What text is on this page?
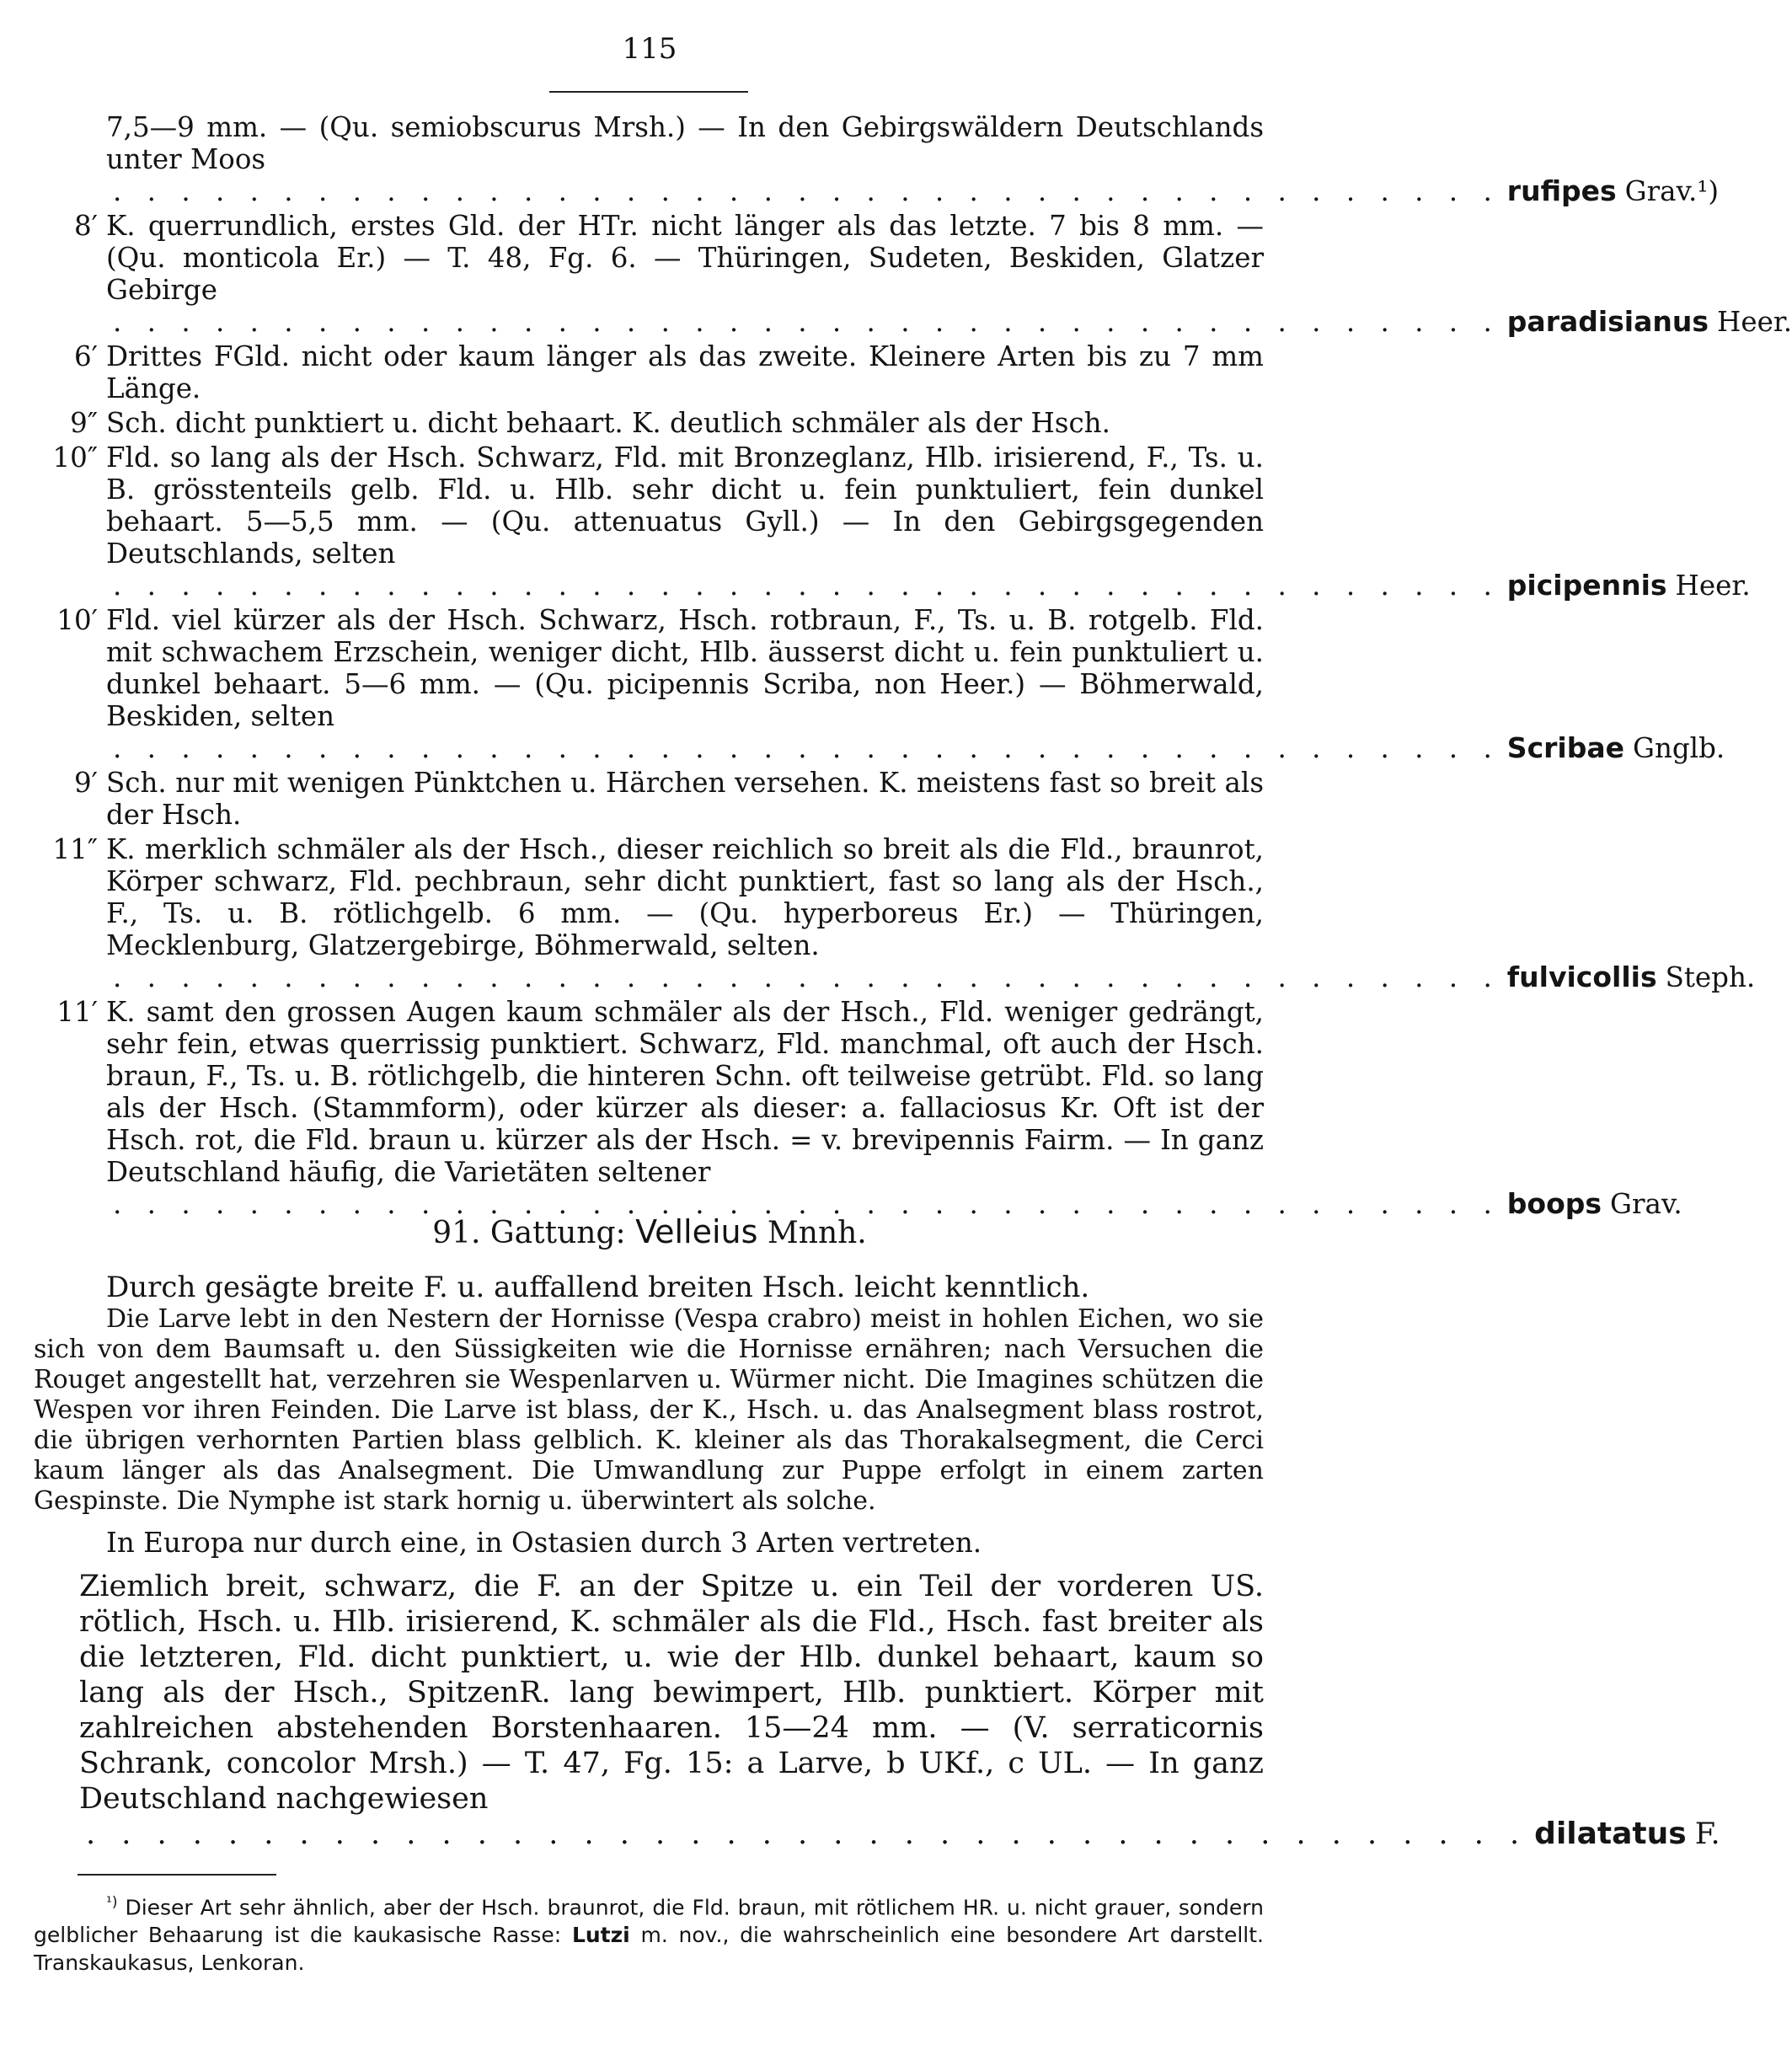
115
7,5—9 mm. — (Qu. semiobscurus Mrsh.) — In den Gebirgswäldern Deutschlands unter Moos
. . . . . . . . . . . . . . . . . . . . . . . . . . . . . . . . . . . . . . . . . rufipes Grav.¹)
8′ K. querrundlich, erstes Gld. der HTr. nicht länger als das letzte. 7 bis 8 mm. — (Qu. monticola Er.) — T. 48, Fg. 6. — Thüringen, Sudeten, Beskiden, Glatzer Gebirge
. . . . . . . . . . . . . . . . . . . . . . . . . . . . . . . . . . . . . . . . . paradisianus Heer.
6′ Drittes FGld. nicht oder kaum länger als das zweite. Kleinere Arten bis zu 7 mm Länge.
9″ Sch. dicht punktiert u. dicht behaart. K. deutlich schmäler als der Hsch.
10″ Fld. so lang als der Hsch. Schwarz, Fld. mit Bronzeglanz, Hlb. irisierend, F., Ts. u. B. grösstenteils gelb. Fld. u. Hlb. sehr dicht u. fein punktuliert, fein dunkel behaart. 5—5,5 mm. — (Qu. attenuatus Gyll.) — In den Gebirgsgegenden Deutschlands, selten
. . . . . . . . . . . . . . . . . . . . . . . . . . . . . . . . . . . . . . . . . picipennis Heer.
10′ Fld. viel kürzer als der Hsch. Schwarz, Hsch. rotbraun, F., Ts. u. B. rotgelb. Fld. mit schwachem Erzschein, weniger dicht, Hlb. äusserst dicht u. fein punktuliert u. dunkel behaart. 5—6 mm. — (Qu. picipennis Scriba, non Heer.) — Böhmerwald, Beskiden, selten
. . . . . . . . . . . . . . . . . . . . . . . . . . . . . . . . . . . . . . . . . Scribae Gnglb.
9′ Sch. nur mit wenigen Pünktchen u. Härchen versehen. K. meistens fast so breit als der Hsch.
11″ K. merklich schmäler als der Hsch., dieser reichlich so breit als die Fld., braunrot, Körper schwarz, Fld. pechbraun, sehr dicht punktiert, fast so lang als der Hsch., F., Ts. u. B. rötlichgelb. 6 mm. — (Qu. hyperboreus Er.) — Thüringen, Mecklenburg, Glatzergebirge, Böhmerwald, selten.
. . . . . . . . . . . . . . . . . . . . . . . . . . . . . . . . . . . . . . . . . fulvicollis Steph.
11′ K. samt den grossen Augen kaum schmäler als der Hsch., Fld. weniger gedrängt, sehr fein, etwas querrissig punktiert. Schwarz, Fld. manchmal, oft auch der Hsch. braun, F., Ts. u. B. rötlichgelb, die hinteren Schn. oft teilweise getrübt. Fld. so lang als der Hsch. (Stammform), oder kürzer als dieser: a. fallaciosus Kr. Oft ist der Hsch. rot, die Fld. braun u. kürzer als der Hsch. = v. brevipennis Fairm. — In ganz Deutschland häufig, die Varietäten seltener
. . . . . . . . . . . . . . . . . . . . . . . . . . . . . . . . . . . . . . . . . boops Grav.
91. Gattung: Velleius Mnnh.
Durch gesägte breite F. u. auffallend breiten Hsch. leicht kenntlich.
Die Larve lebt in den Nestern der Hornisse (Vespa crabro) meist in hohlen Eichen, wo sie sich von dem Baumsaft u. den Süssigkeiten wie die Hornisse ernähren; nach Versuchen die Rouget angestellt hat, verzehren sie Wespenlarven u. Würmer nicht. Die Imagines schützen die Wespen vor ihren Feinden. Die Larve ist blass, der K., Hsch. u. das Analsegment blass rostrot, die übrigen verhornten Partien blass gelblich. K. kleiner als das Thorakalsegment, die Cerci kaum länger als das Analsegment. Die Umwandlung zur Puppe erfolgt in einem zarten Gespinste. Die Nymphe ist stark hornig u. überwintert als solche.
In Europa nur durch eine, in Ostasien durch 3 Arten vertreten.
Ziemlich breit, schwarz, die F. an der Spitze u. ein Teil der vorderen US. rötlich, Hsch. u. Hlb. irisierend, K. schmäler als die Fld., Hsch. fast breiter als die letzteren, Fld. dicht punktiert, u. wie der Hlb. dunkel behaart, kaum so lang als der Hsch., SpitzenR. lang bewimpert, Hlb. punktiert. Körper mit zahlreichen abstehenden Borstenhaaren. 15—24 mm. — (V. serraticornis Schrank, concolor Mrsh.) — T. 47, Fg. 15: a Larve, b UKf., c UL. — In ganz Deutschland nachgewiesen
. . . . . . . . . . . . . . . . . . . . . . . . . . . . . . . . . . . . . . . . . dilatatus F.
$^{^1)}$ Dieser Art sehr ähnlich, aber der Hsch. braunrot, die Fld. braun, mit rötlichem HR. u. nicht grauer, sondern gelblicher Behaarung ist die kaukasische Rasse: Lutzi m. nov., die wahrscheinlich eine besondere Art darstellt. Transkaukasus, Lenkoran.
